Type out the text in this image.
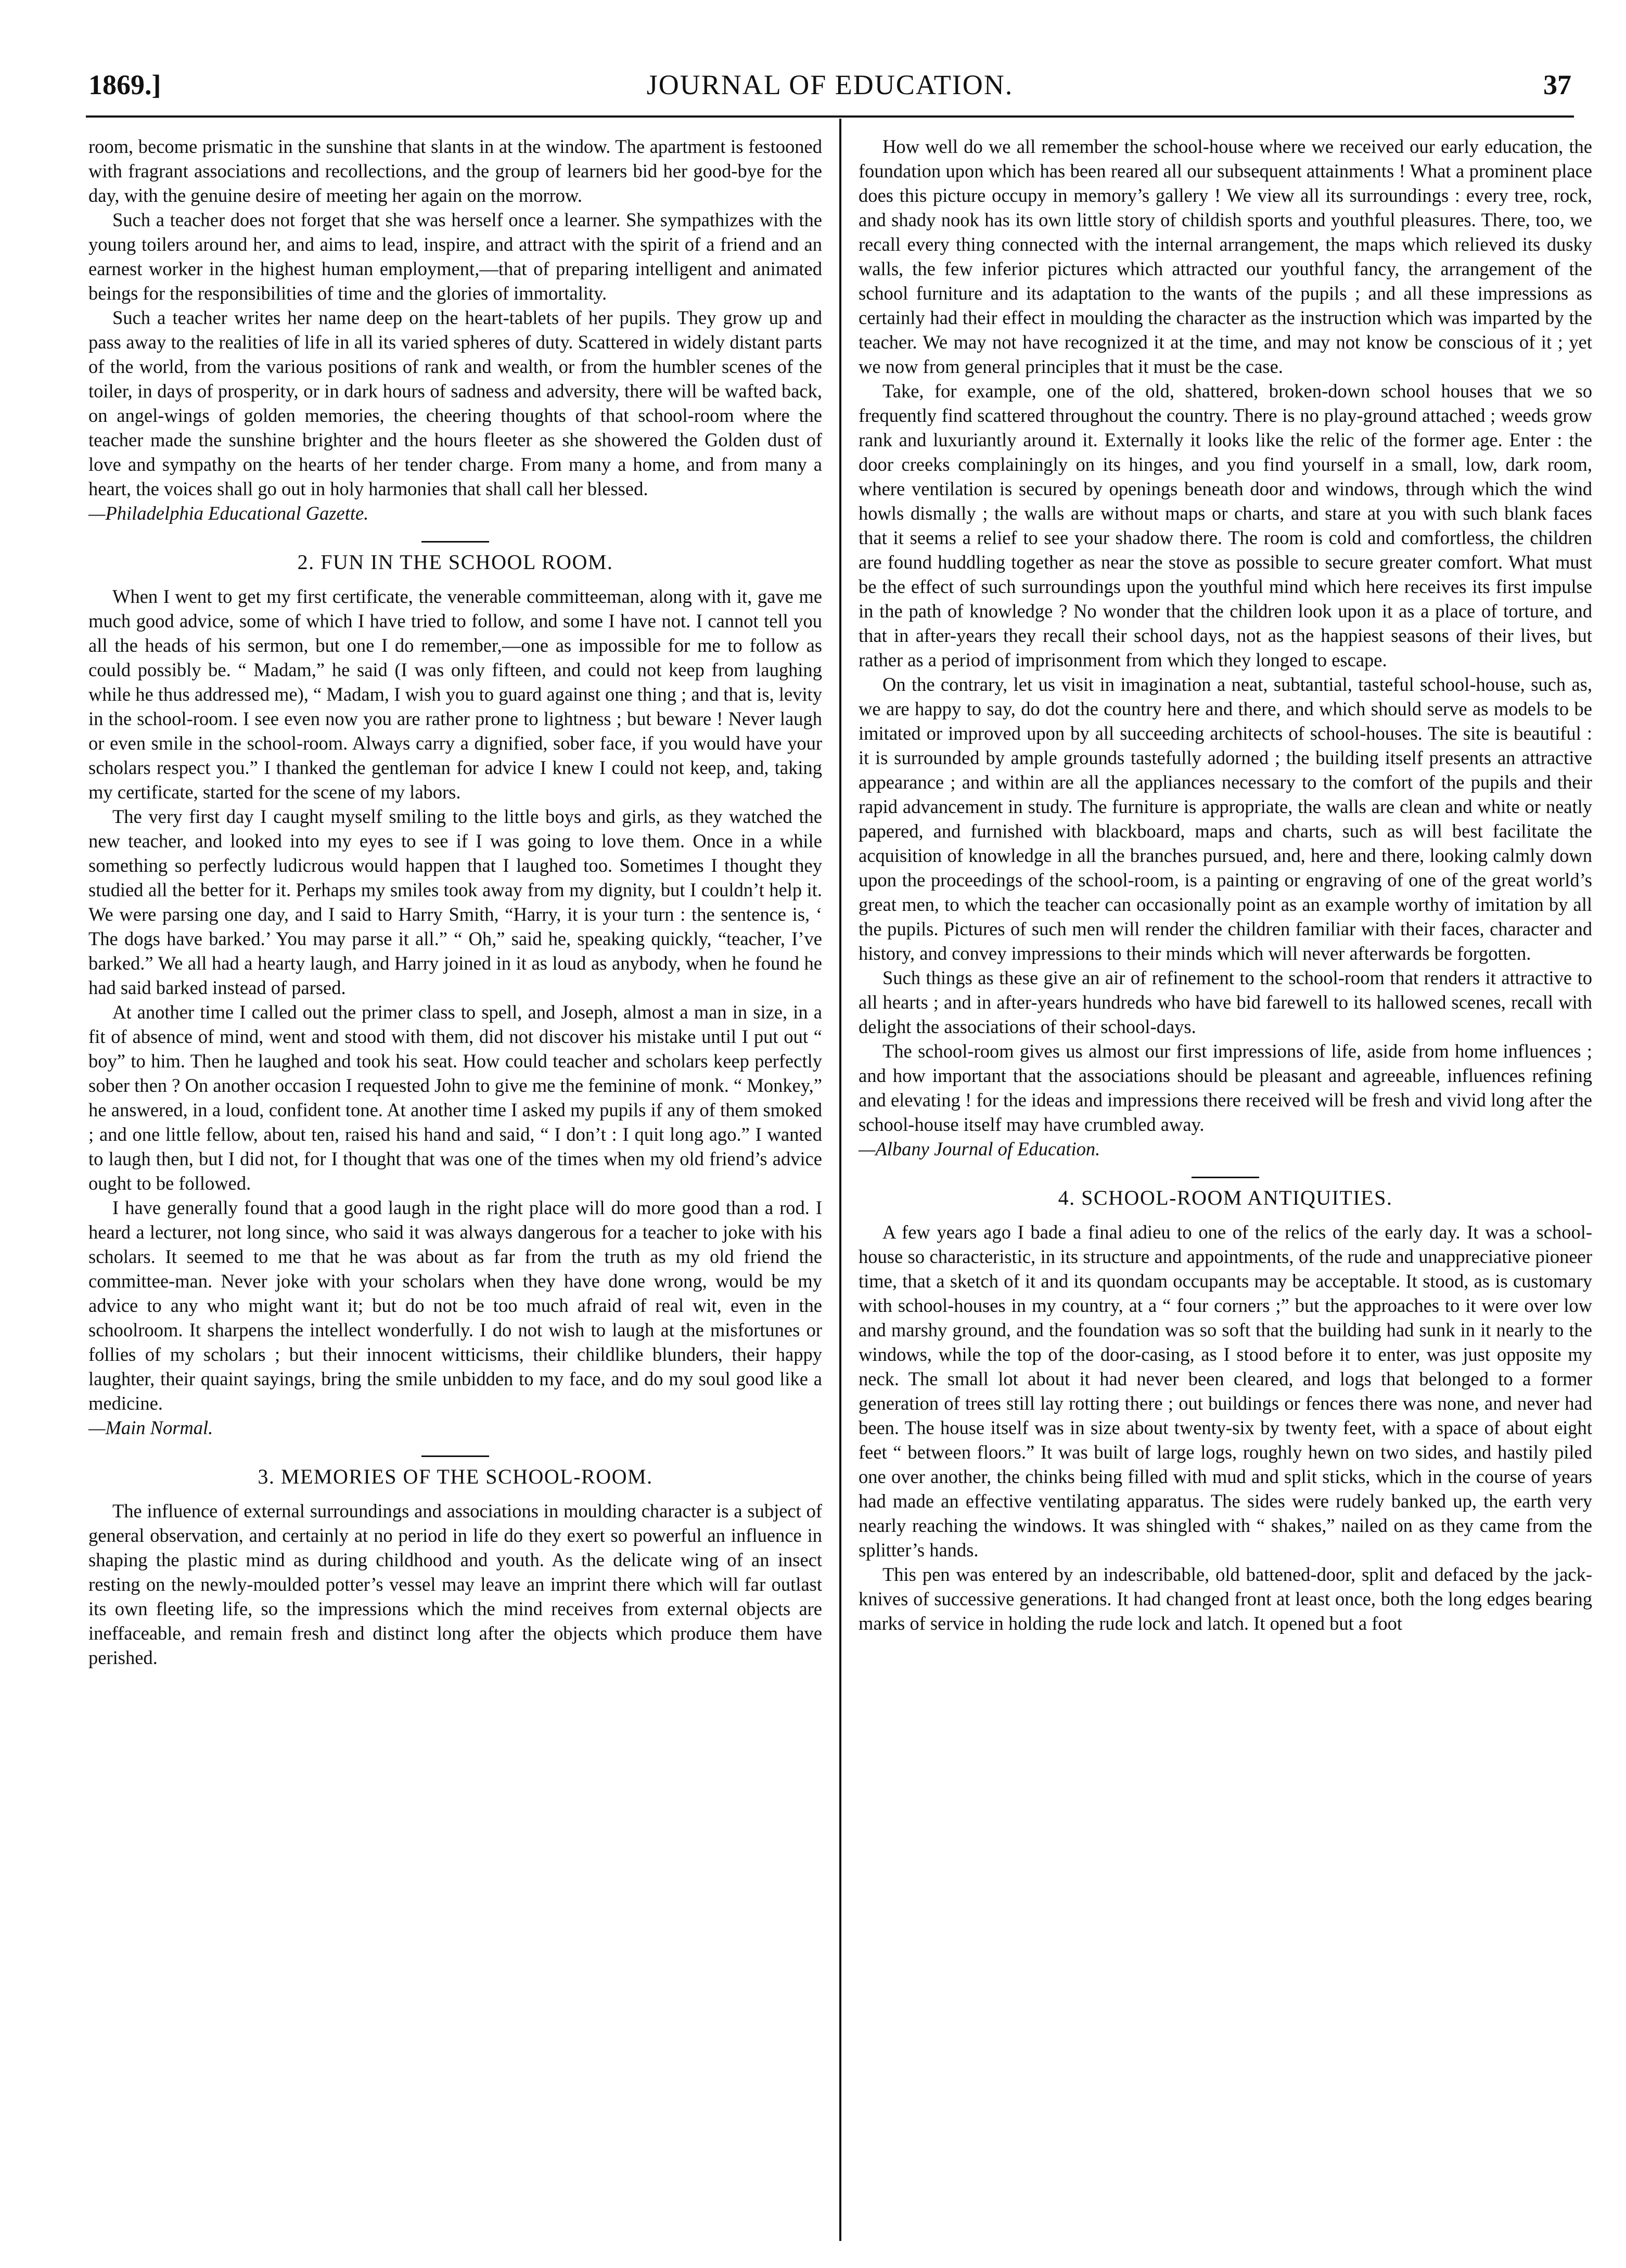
1869.]	JOURNAL OF EDUCATION.	37

room, become prismatic in the sunshine that slants in at the window. The apartment is festooned with fragrant associations and recollections, and the group of learners bid her good-bye for the day, with the genuine desire of meeting her again on the morrow.

Such a teacher does not forget that she was herself once a learner. She sympathizes with the young toilers around her, and aims to lead, inspire, and attract with the spirit of a friend and an earnest worker in the highest human employment,—that of preparing intelligent and animated beings for the responsibilities of time and the glories of immortality.

Such a teacher writes her name deep on the heart-tablets of her pupils. They grow up and pass away to the realities of life in all its varied spheres of duty. Scattered in widely distant parts of the world, from the various positions of rank and wealth, or from the humbler scenes of the toiler, in days of prosperity, or in dark hours of sadness and adversity, there will be wafted back, on angel-wings of golden memories, the cheering thoughts of that school-room where the teacher made the sunshine brighter and the hours fleeter as she showered the Golden dust of love and sympathy on the hearts of her tender charge. From many a home, and from many a heart, the voices shall go out in holy harmonies that shall call her blessed.

—Philadelphia Educational Gazette.

2. FUN IN THE SCHOOL ROOM.

When I went to get my first certificate, the venerable committeeman, along with it, gave me much good advice, some of which I have tried to follow, and some I have not. I cannot tell you all the heads of his sermon, but one I do remember,—one as impossible for me to follow as could possibly be. “ Madam,” he said (I was only fifteen, and could not keep from laughing while he thus addressed me), “ Madam, I wish you to guard against one thing ; and that is, levity in the school-room. I see even now you are rather prone to lightness ; but beware ! Never laugh or even smile in the school-room. Always carry a dignified, sober face, if you would have your scholars respect you.” I thanked the gentleman for advice I knew I could not keep, and, taking my certificate, started for the scene of my labors.

The very first day I caught myself smiling to the little boys and girls, as they watched the new teacher, and looked into my eyes to see if I was going to love them. Once in a while something so perfectly ludicrous would happen that I laughed too. Sometimes I thought they studied all the better for it. Perhaps my smiles took away from my dignity, but I couldn’t help it. We were parsing one day, and I said to Harry Smith, “Harry, it is your turn : the sentence is, ‘ The dogs have barked.’ You may parse it all.” “ Oh,” said he, speaking quickly, “teacher, I’ve barked.” We all had a hearty laugh, and Harry joined in it as loud as anybody, when he found he had said barked instead of parsed.

At another time I called out the primer class to spell, and Joseph, almost a man in size, in a fit of absence of mind, went and stood with them, did not discover his mistake until I put out “ boy” to him. Then he laughed and took his seat. How could teacher and scholars keep perfectly sober then ? On another occasion I requested John to give me the feminine of monk. “ Monkey,” he answered, in a loud, confident tone. At another time I asked my pupils if any of them smoked ; and one little fellow, about ten, raised his hand and said, “ I don’t : I quit long ago.” I wanted to laugh then, but I did not, for I thought that was one of the times when my old friend’s advice ought to be followed.

I have generally found that a good laugh in the right place will do more good than a rod. I heard a lecturer, not long since, who said it was always dangerous for a teacher to joke with his scholars. It seemed to me that he was about as far from the truth as my old friend the committee-man. Never joke with your scholars when they have done wrong, would be my advice to any who might want it; but do not be too much afraid of real wit, even in the schoolroom. It sharpens the intellect wonderfully. I do not wish to laugh at the misfortunes or follies of my scholars ; but their innocent witticisms, their childlike blunders, their happy laughter, their quaint sayings, bring the smile unbidden to my face, and do my soul good like a medicine.

—Main Normal.

3. MEMORIES OF THE SCHOOL-ROOM.

The influence of external surroundings and associations in moulding character is a subject of general observation, and certainly at no period in life do they exert so powerful an influence in shaping the plastic mind as during childhood and youth. As the delicate wing of an insect resting on the newly-moulded potter’s vessel may leave an imprint there which will far outlast its own fleeting life, so the impressions which the mind receives from external objects are ineffaceable, and remain fresh and distinct long after the objects which produce them have perished.

How well do we all remember the school-house where we received our early education, the foundation upon which has been reared all our subsequent attainments ! What a prominent place does this picture occupy in memory’s gallery ! We view all its surroundings : every tree, rock, and shady nook has its own little story of childish sports and youthful pleasures. There, too, we recall every thing connected with the internal arrangement, the maps which relieved its dusky walls, the few inferior pictures which attracted our youthful fancy, the arrangement of the school furniture and its adaptation to the wants of the pupils ; and all these impressions as certainly had their effect in moulding the character as the instruction which was imparted by the teacher. We may not have recognized it at the time, and may not know be conscious of it ; yet we now from general principles that it must be the case.

Take, for example, one of the old, shattered, broken-down school houses that we so frequently find scattered throughout the country. There is no play-ground attached ; weeds grow rank and luxuriantly around it. Externally it looks like the relic of the former age. Enter : the door creeks complainingly on its hinges, and you find yourself in a small, low, dark room, where ventilation is secured by openings beneath door and windows, through which the wind howls dismally ; the walls are without maps or charts, and stare at you with such blank faces that it seems a relief to see your shadow there. The room is cold and comfortless, the children are found huddling together as near the stove as possible to secure greater comfort. What must be the effect of such surroundings upon the youthful mind which here receives its first impulse in the path of knowledge ? No wonder that the children look upon it as a place of torture, and that in after-years they recall their school days, not as the happiest seasons of their lives, but rather as a period of imprisonment from which they longed to escape.

On the contrary, let us visit in imagination a neat, subtantial, tasteful school-house, such as, we are happy to say, do dot the country here and there, and which should serve as models to be imitated or improved upon by all succeeding architects of school-houses. The site is beautiful : it is surrounded by ample grounds tastefully adorned ; the building itself presents an attractive appearance ; and within are all the appliances necessary to the comfort of the pupils and their rapid advancement in study. The furniture is appropriate, the walls are clean and white or neatly papered, and furnished with blackboard, maps and charts, such as will best facilitate the acquisition of knowledge in all the branches pursued, and, here and there, looking calmly down upon the proceedings of the school-room, is a painting or engraving of one of the great world’s great men, to which the teacher can occasionally point as an example worthy of imitation by all the pupils. Pictures of such men will render the children familiar with their faces, character and history, and convey impressions to their minds which will never afterwards be forgotten.

Such things as these give an air of refinement to the school-room that renders it attractive to all hearts ; and in after-years hundreds who have bid farewell to its hallowed scenes, recall with delight the associations of their school-days.

The school-room gives us almost our first impressions of life, aside from home influences ; and how important that the associations should be pleasant and agreeable, influences refining and elevating ! for the ideas and impressions there received will be fresh and vivid long after the school-house itself may have crumbled away.

—Albany Journal of Education.

4. SCHOOL-ROOM ANTIQUITIES.

A few years ago I bade a final adieu to one of the relics of the early day. It was a school-house so characteristic, in its structure and appointments, of the rude and unappreciative pioneer time, that a sketch of it and its quondam occupants may be acceptable. It stood, as is customary with school-houses in my country, at a “ four corners ;” but the approaches to it were over low and marshy ground, and the foundation was so soft that the building had sunk in it nearly to the windows, while the top of the door-casing, as I stood before it to enter, was just opposite my neck. The small lot about it had never been cleared, and logs that belonged to a former generation of trees still lay rotting there ; out buildings or fences there was none, and never had been. The house itself was in size about twenty-six by twenty feet, with a space of about eight feet “ between floors.” It was built of large logs, roughly hewn on two sides, and hastily piled one over another, the chinks being filled with mud and split sticks, which in the course of years had made an effective ventilating apparatus. The sides were rudely banked up, the earth very nearly reaching the windows. It was shingled with “ shakes,” nailed on as they came from the splitter’s hands.

This pen was entered by an indescribable, old battened-door, split and defaced by the jack-knives of successive generations. It had changed front at least once, both the long edges bearing marks of service in holding the rude lock and latch. It opened but a foot
